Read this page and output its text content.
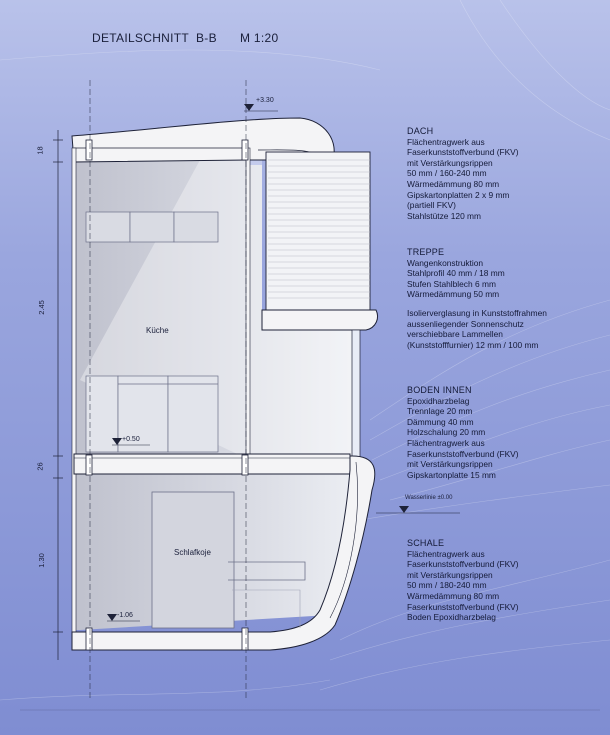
DETAILSCHNITT B-B M 1:20
+3.30
+0.50
Wasserlinie ±0.00
-1.06
18
2.45
26
1.30
Küche
Schlafkoje
DACH
Flächentragwerk aus
Faserkunststoffverbund (FKV)
mit Verstärkungsrippen
50 mm / 160-240 mm
Wärmedämmung 80 mm
Gipskartonplatten 2 x 9 mm
(partiell FKV)
Stahlstütze 120 mm
TREPPE
Wangenkonstruktion
Stahlprofil 40 mm / 18 mm
Stufen Stahlblech 6 mm
Wärmedämmung 50 mm
Isolierverglasung in Kunststoffrahmen
aussenliegender Sonnenschutz
verschiebbare Lammellen
(Kunststofffurnier) 12 mm / 100 mm
BODEN INNEN
Epoxidharzbelag
Trennlage 20 mm
Dämmung 40 mm
Holzschalung 20 mm
Flächentragwerk aus
Faserkunststoffverbund (FKV)
mit Verstärkungsrippen
Gipskartonplatte 15 mm
SCHALE
Flächentragwerk aus
Faserkunststoffverbund (FKV)
mit Verstärkungsrippen
50 mm / 180-240 mm
Wärmedämmung 80 mm
Faserkunststoffverbund (FKV)
Boden Epoxidharzbelag
